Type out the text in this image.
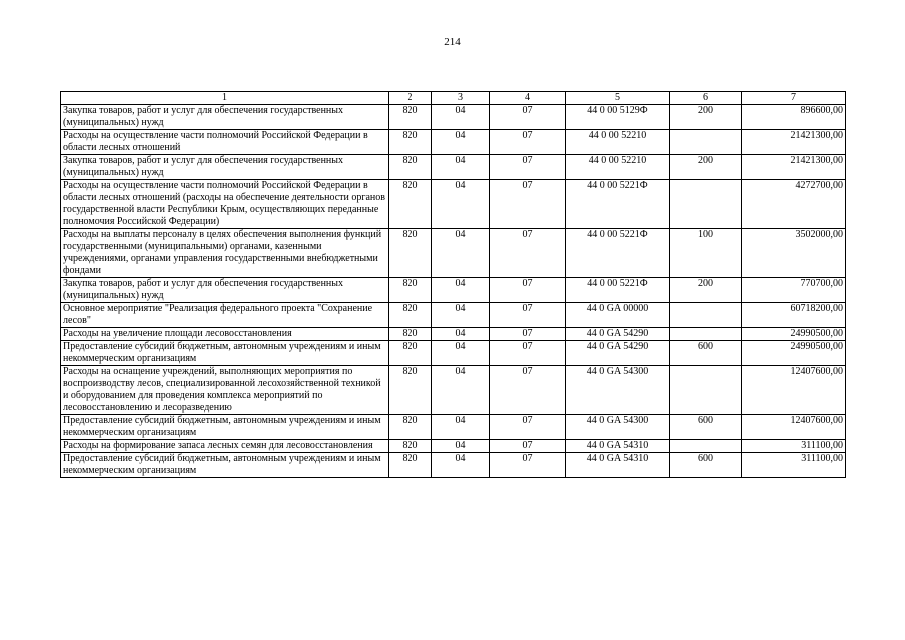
214
1	2	3	4	5	6	7
Закупка товаров, работ и услуг для обеспечения государственных (муниципальных) нужд	820	04	07	44 0 00 5129Ф	200	896600,00
Расходы на осуществление части полномочий Российской Федерации в области лесных отношений	820	04	07	44 0 00 52210		21421300,00
Закупка товаров, работ и услуг для обеспечения государственных (муниципальных) нужд	820	04	07	44 0 00 52210	200	21421300,00
Расходы на осуществление части полномочий Российской Федерации в области лесных отношений (расходы на обеспечение деятельности органов государственной власти Республики Крым, осуществляющих переданные полномочия Российской Федерации)	820	04	07	44 0 00 5221Ф		4272700,00
Расходы на выплаты персоналу в целях обеспечения выполнения функций государственными (муниципальными) органами, казенными учреждениями, органами управления государственными внебюджетными фондами	820	04	07	44 0 00 5221Ф	100	3502000,00
Закупка товаров, работ и услуг для обеспечения государственных (муниципальных) нужд	820	04	07	44 0 00 5221Ф	200	770700,00
Основное мероприятие "Реализация федерального проекта "Сохранение лесов"	820	04	07	44 0 GA 00000		60718200,00
Расходы на увеличение площади лесовосстановления	820	04	07	44 0 GA 54290		24990500,00
Предоставление субсидий бюджетным, автономным учреждениям и иным некоммерческим организациям	820	04	07	44 0 GA 54290	600	24990500,00
Расходы на оснащение учреждений, выполняющих мероприятия по воспроизводству лесов, специализированной лесохозяйственной техникой и оборудованием для проведения комплекса мероприятий по лесовосстановлению и лесоразведению	820	04	07	44 0 GA 54300		12407600,00
Предоставление субсидий бюджетным, автономным учреждениям и иным некоммерческим организациям	820	04	07	44 0 GA 54300	600	12407600,00
Расходы на формирование запаса лесных семян для лесовосстановления	820	04	07	44 0 GA 54310		311100,00
Предоставление субсидий бюджетным, автономным учреждениям и иным некоммерческим организациям	820	04	07	44 0 GA 54310	600	311100,00
